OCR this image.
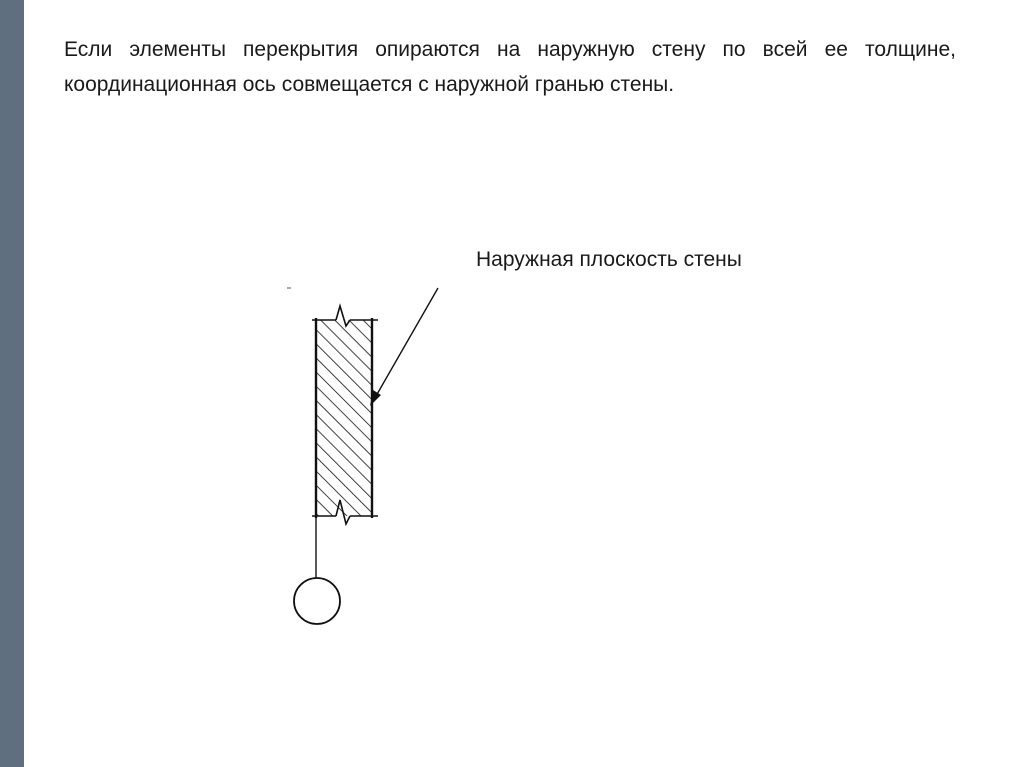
Если элементы перекрытия опираются на наружную стену по всей ее толщине, координационная ось совмещается с наружной гранью стены.

Наружная плоскость стены
